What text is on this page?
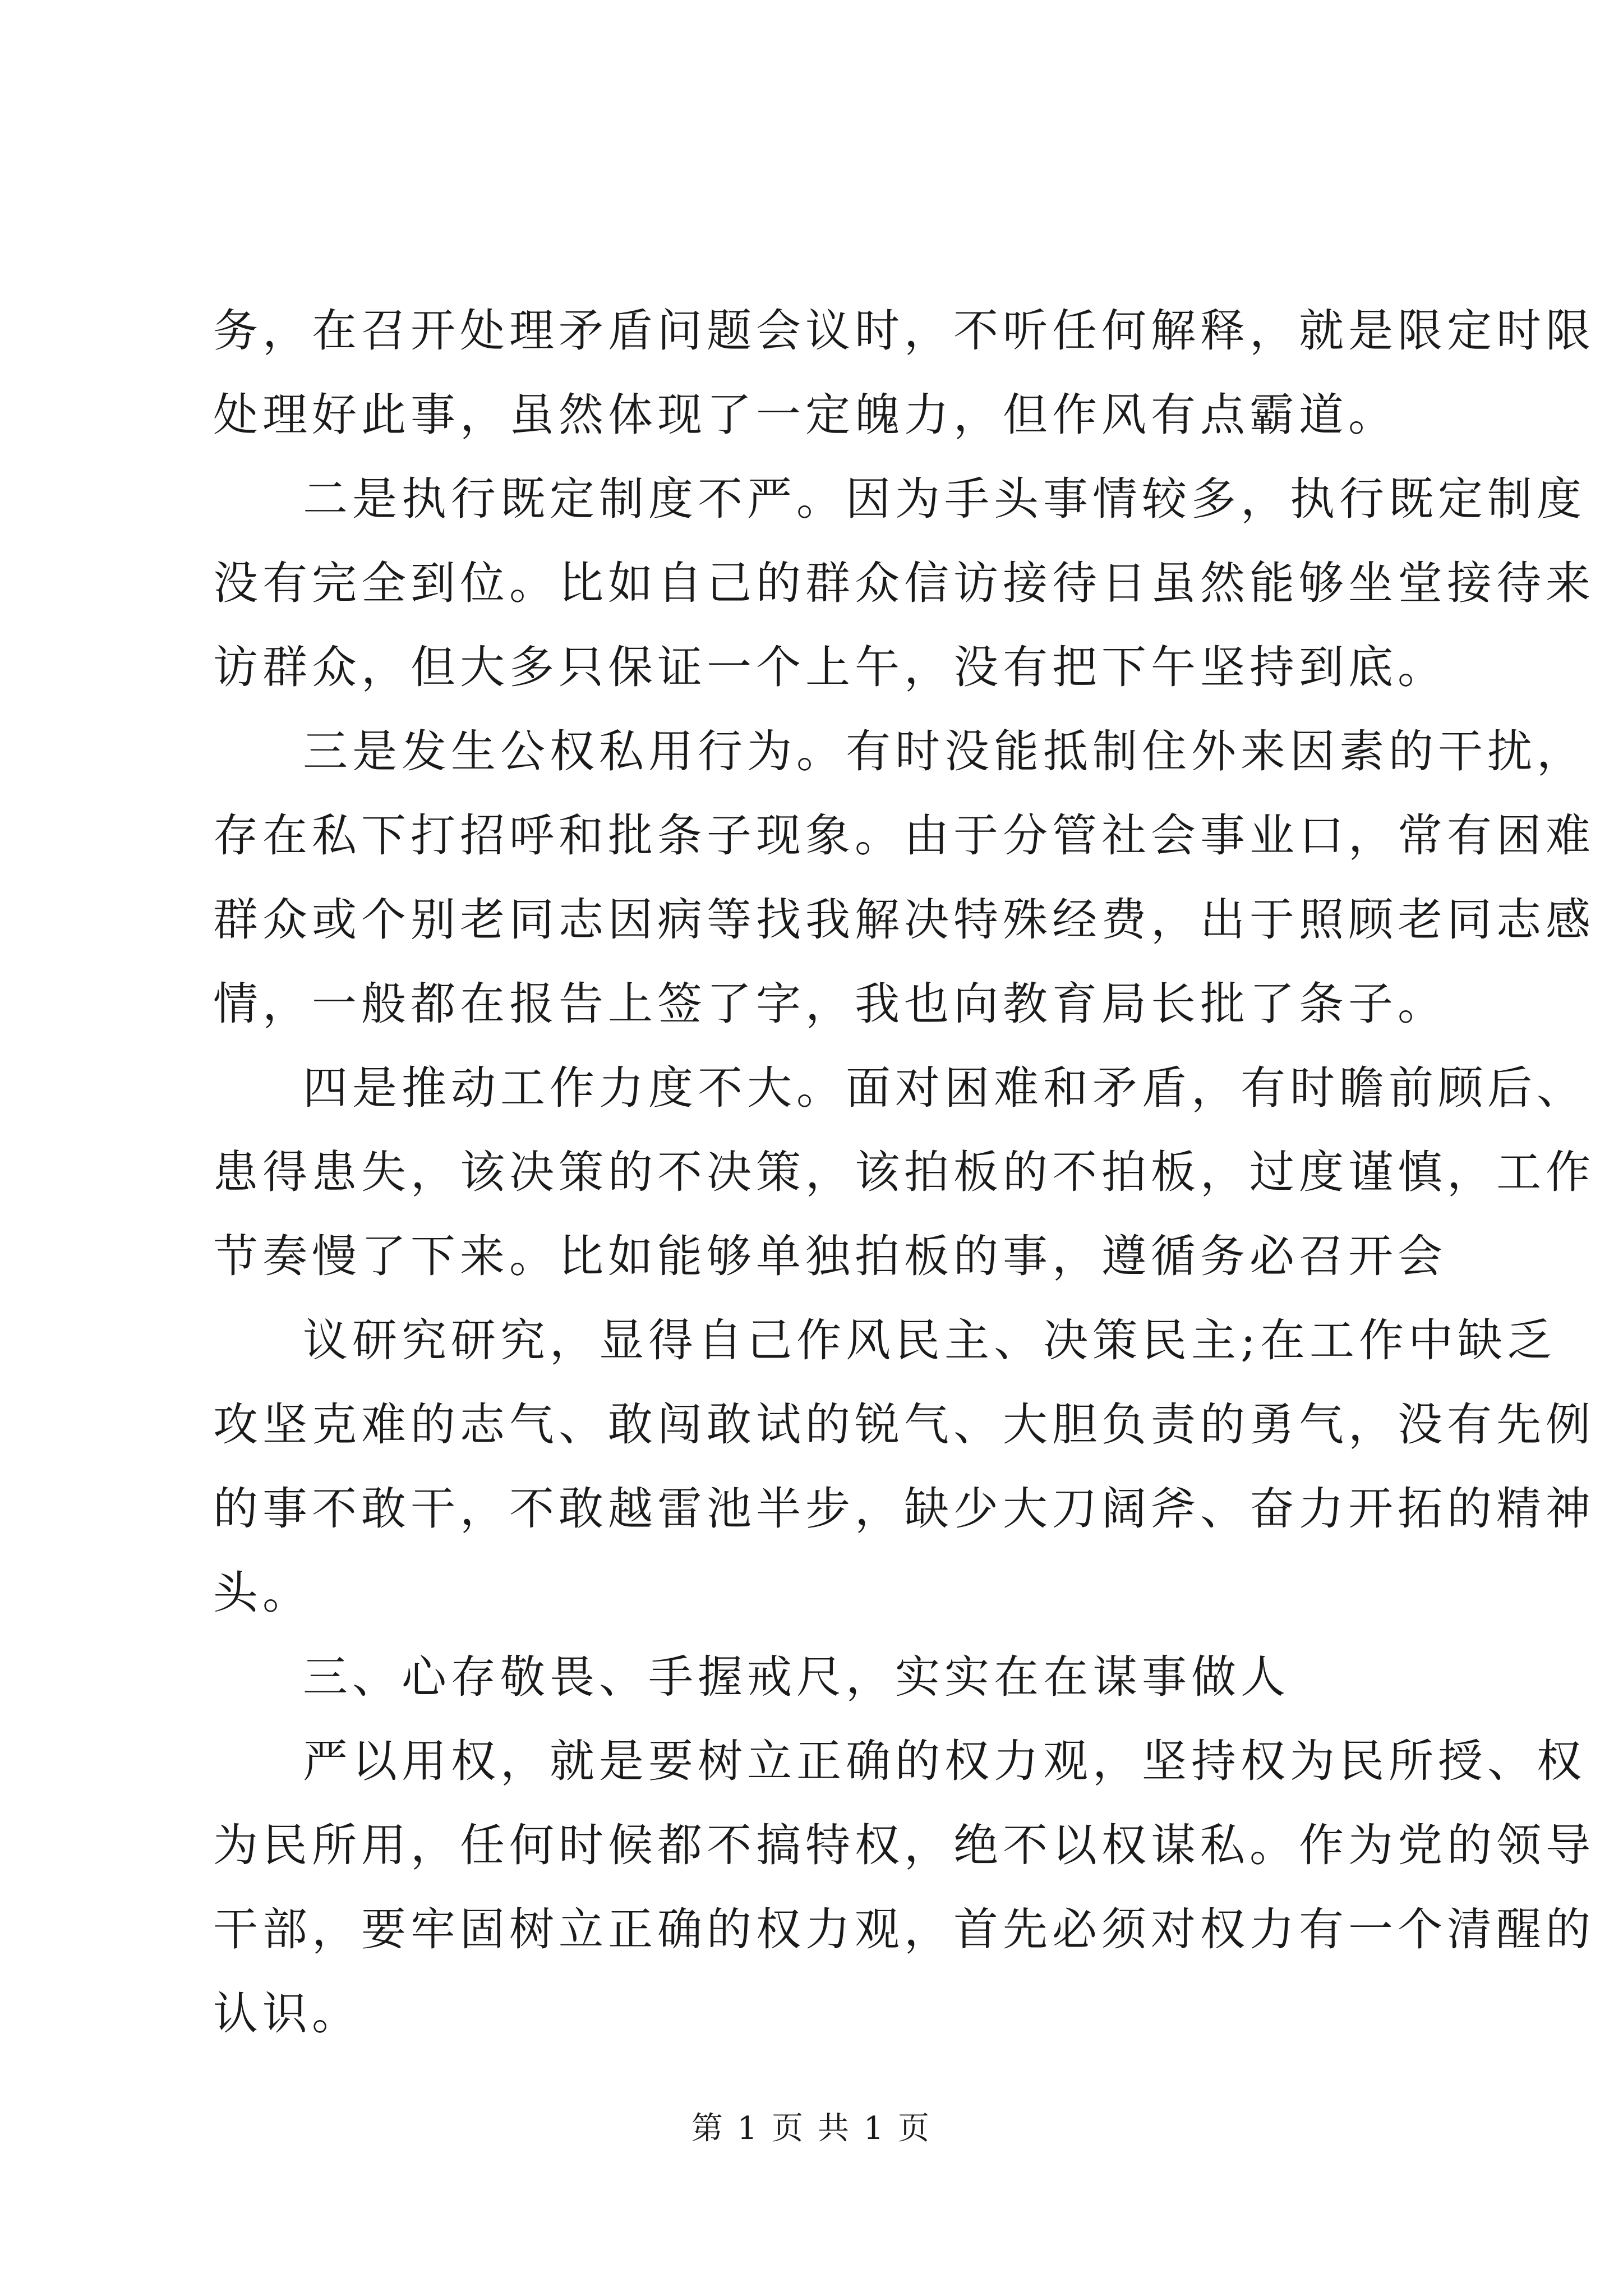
务，在召开处理矛盾问题会议时，不听任何解释，就是限定时限
处理好此事，虽然体现了一定魄力，但作风有点霸道。
二是执行既定制度不严。因为手头事情较多，执行既定制度
没有完全到位。比如自己的群众信访接待日虽然能够坐堂接待来
访群众，但大多只保证一个上午，没有把下午坚持到底。
三是发生公权私用行为。有时没能抵制住外来因素的干扰，
存在私下打招呼和批条子现象。由于分管社会事业口，常有困难
群众或个别老同志因病等找我解决特殊经费，出于照顾老同志感
情，一般都在报告上签了字，我也向教育局长批了条子。
四是推动工作力度不大。面对困难和矛盾，有时瞻前顾后、
患得患失，该决策的不决策，该拍板的不拍板，过度谨慎，工作
节奏慢了下来。比如能够单独拍板的事，遵循务必召开会
议研究研究，显得自己作风民主、决策民主;在工作中缺乏
攻坚克难的志气、敢闯敢试的锐气、大胆负责的勇气，没有先例
的事不敢干，不敢越雷池半步，缺少大刀阔斧、奋力开拓的精神
头。
三、心存敬畏、手握戒尺，实实在在谋事做人
严以用权，就是要树立正确的权力观，坚持权为民所授、权
为民所用，任何时候都不搞特权，绝不以权谋私。作为党的领导
干部，要牢固树立正确的权力观，首先必须对权力有一个清醒的
认识。
第 1 页 共 1 页
